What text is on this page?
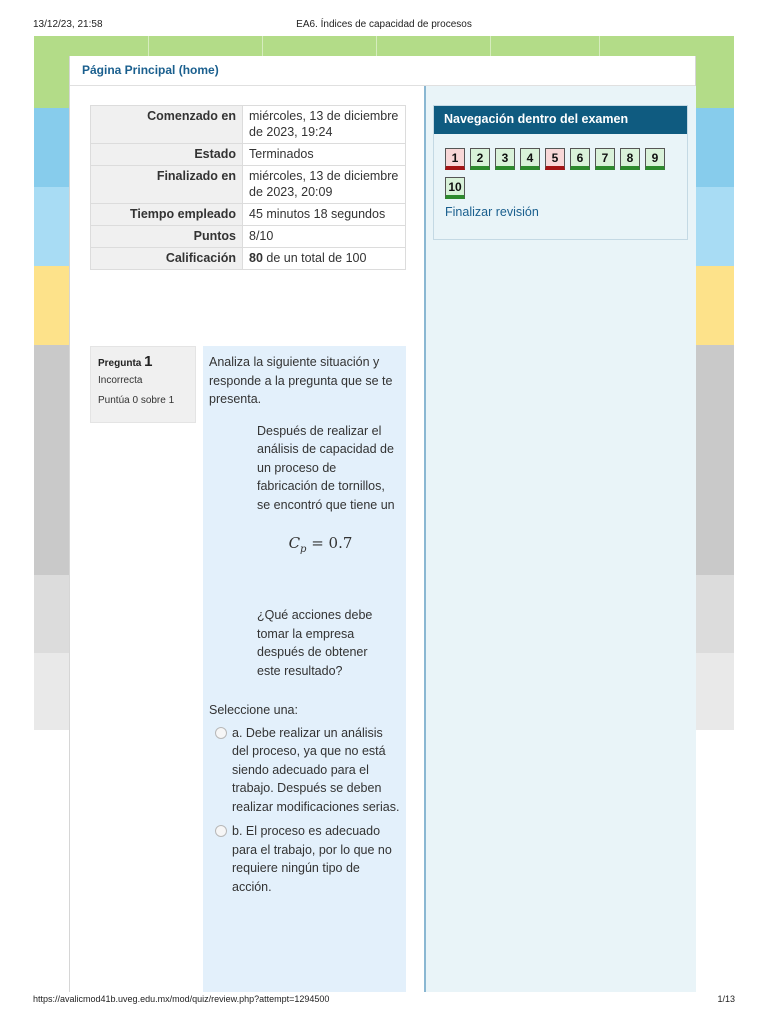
13/12/23, 21:58	EA6. Índices de capacidad de procesos
Página Principal (home)
Comenzado en	miércoles, 13 de diciembre de 2023, 19:24
Estado	Terminados
Finalizado en	miércoles, 13 de diciembre de 2023, 20:09
Tiempo empleado	45 minutos 18 segundos
Puntos	8/10
Calificación	80 de un total de 100
Pregunta 1
Incorrecta
Puntúa 0 sobre 1
Analiza la siguiente situación y responde a la pregunta que se te presenta.
Después de realizar el análisis de capacidad de un proceso de fabricación de tornillos, se encontró que tiene un
$C_p = 0.7$
¿Qué acciones debe tomar la empresa después de obtener este resultado?
Seleccione una:
a. Debe realizar un análisis del proceso, ya que no está siendo adecuado para el trabajo. Después se deben realizar modificaciones serias.
b. El proceso es adecuado para el trabajo, por lo que no requiere ningún tipo de acción.
Navegación dentro del examen
1	2	3	4	5	6	7	8	9
10
Finalizar revisión
https://avalicmod41b.uveg.edu.mx/mod/quiz/review.php?attempt=1294500	1/13
